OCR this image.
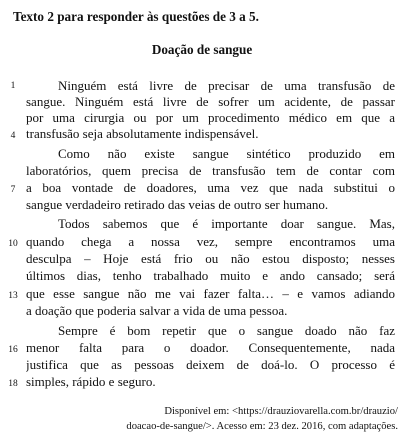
Texto 2 para responder às questões de 3 a 5.
Doação de sangue
Ninguém está livre de precisar de uma transfusão de
sangue. Ninguém está livre de sofrer um acidente, de passar
por uma cirurgia ou por um procedimento médico em que a
transfusão seja absolutamente indispensável.
Como não existe sangue sintético produzido em
laboratórios, quem precisa de transfusão tem de contar com
a boa vontade de doadores, uma vez que nada substitui o
sangue verdadeiro retirado das veias de outro ser humano.
Todos sabemos que é importante doar sangue. Mas,
quando chega a nossa vez, sempre encontramos uma
desculpa – Hoje está frio ou não estou disposto; nesses
últimos dias, tenho trabalhado muito e ando cansado; será
que esse sangue não me vai fazer falta… – e vamos adiando
a doação que poderia salvar a vida de uma pessoa.
Sempre é bom repetir que o sangue doado não faz
menor falta para o doador. Consequentemente, nada
justifica que as pessoas deixem de doá-lo. O processo é
simples, rápido e seguro.
1
4
7
10
13
16
18
Disponível em: <https://drauziovarella.com.br/drauzio/
doacao-de-sangue/>. Acesso em: 23 dez. 2016, com adaptações.
